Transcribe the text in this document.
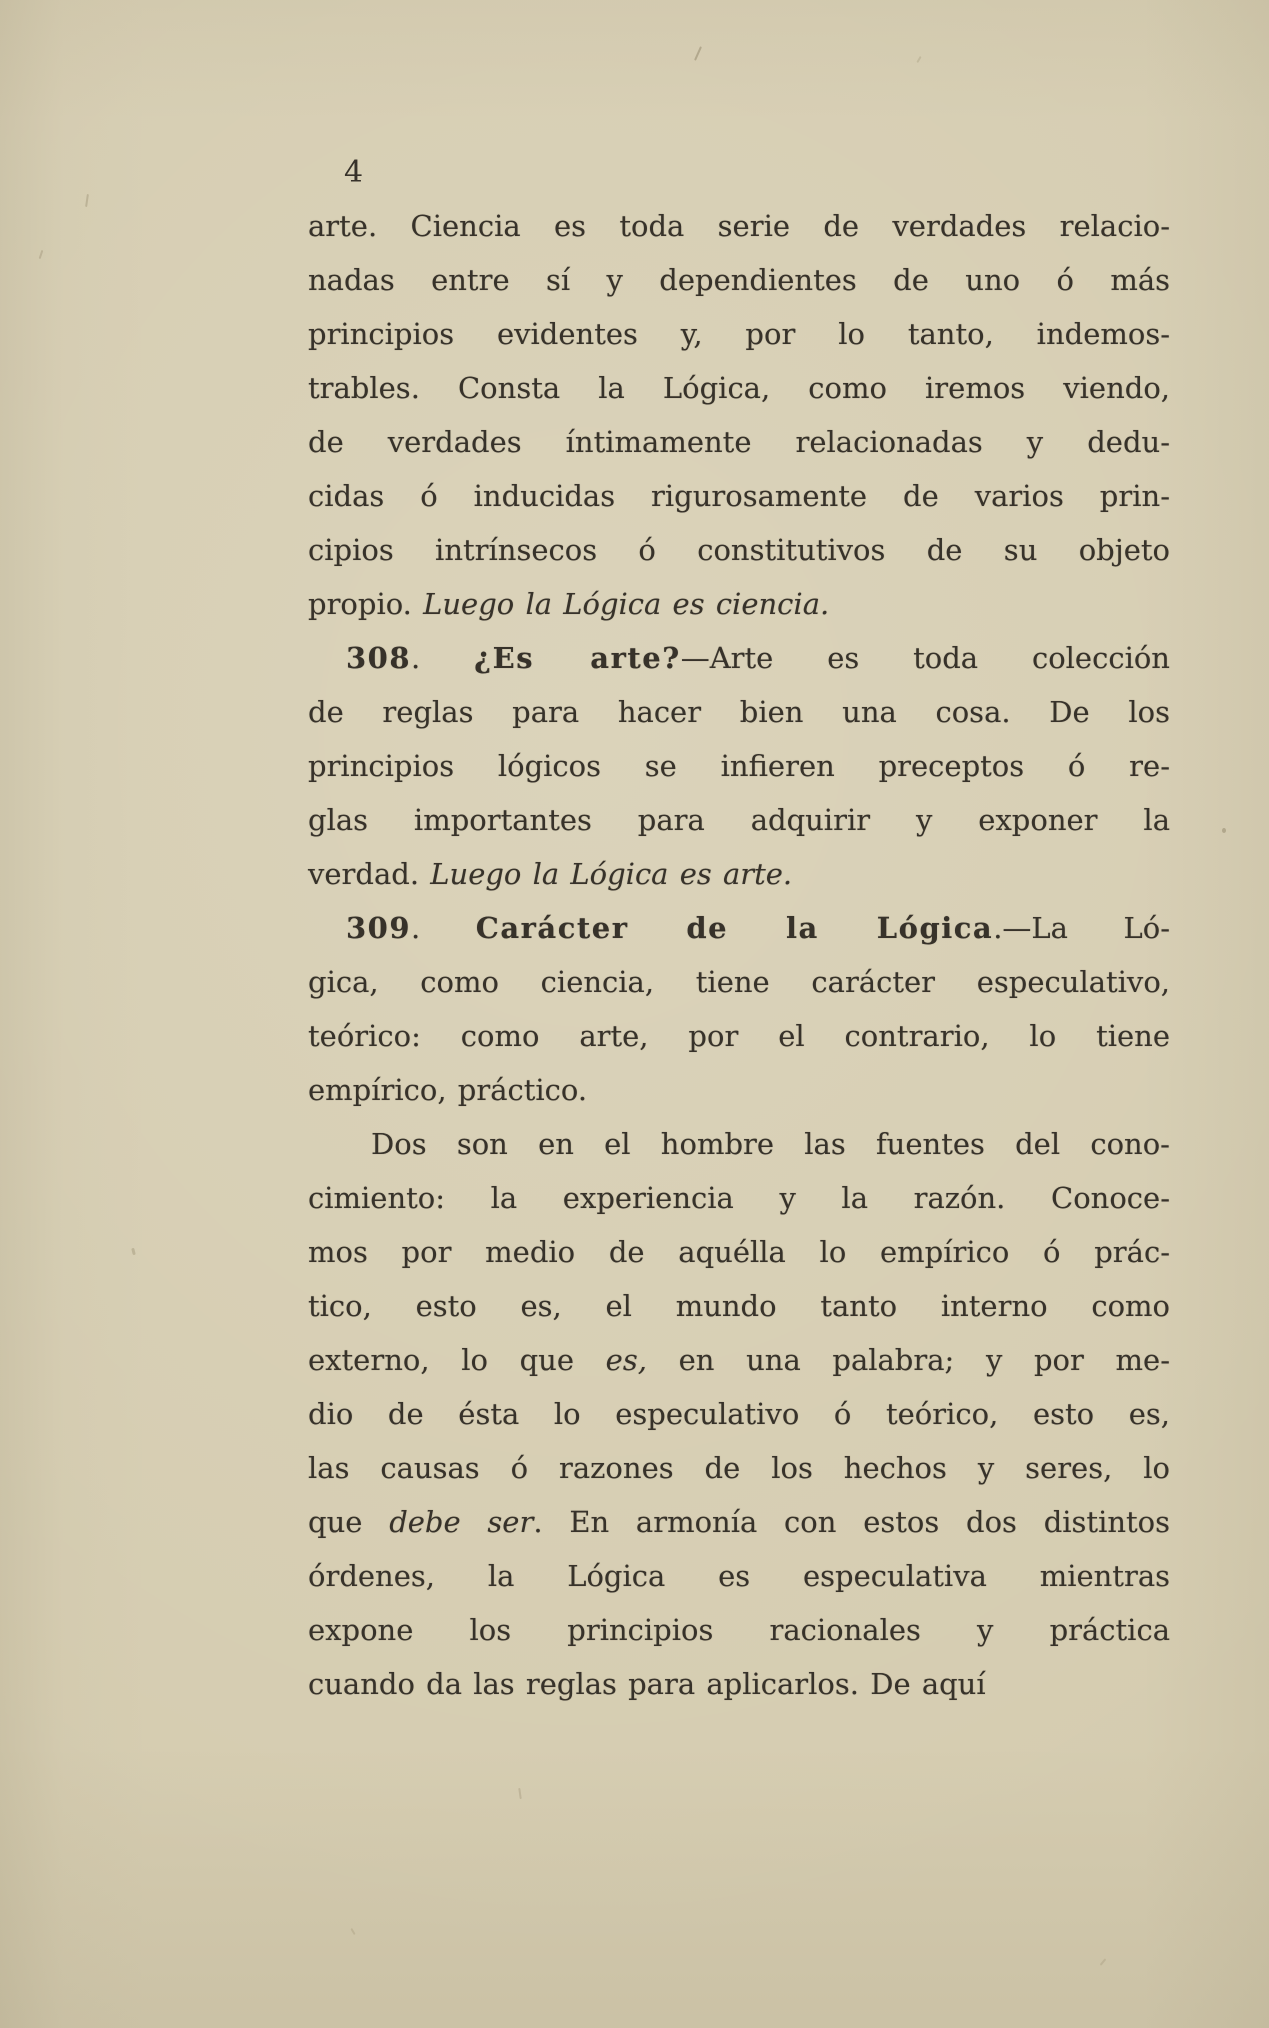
4
arte. Ciencia es toda serie de verdades relacio-
nadas entre sí y dependientes de uno ó más
principios evidentes y, por lo tanto, indemos-
trables. Consta la Lógica, como iremos viendo,
de verdades íntimamente relacionadas y dedu-
cidas ó inducidas rigurosamente de varios prin-
cipios intrínsecos ó constitutivos de su objeto
propio. Luego la Lógica es ciencia.
308. ¿Es arte?—Arte es toda colección
de reglas para hacer bien una cosa. De los
principios lógicos se infieren preceptos ó re-
glas importantes para adquirir y exponer la
verdad. Luego la Lógica es arte.
309. Carácter de la Lógica.—La Ló-
gica, como ciencia, tiene carácter especulativo,
teórico: como arte, por el contrario, lo tiene
empírico, práctico.
Dos son en el hombre las fuentes del cono-
cimiento: la experiencia y la razón. Conoce-
mos por medio de aquélla lo empírico ó prác-
tico, esto es, el mundo tanto interno como
externo, lo que es, en una palabra; y por me-
dio de ésta lo especulativo ó teórico, esto es,
las causas ó razones de los hechos y seres, lo
que debe ser. En armonía con estos dos distintos
órdenes, la Lógica es especulativa mientras
expone los principios racionales y práctica
cuando da las reglas para aplicarlos. De aquí
